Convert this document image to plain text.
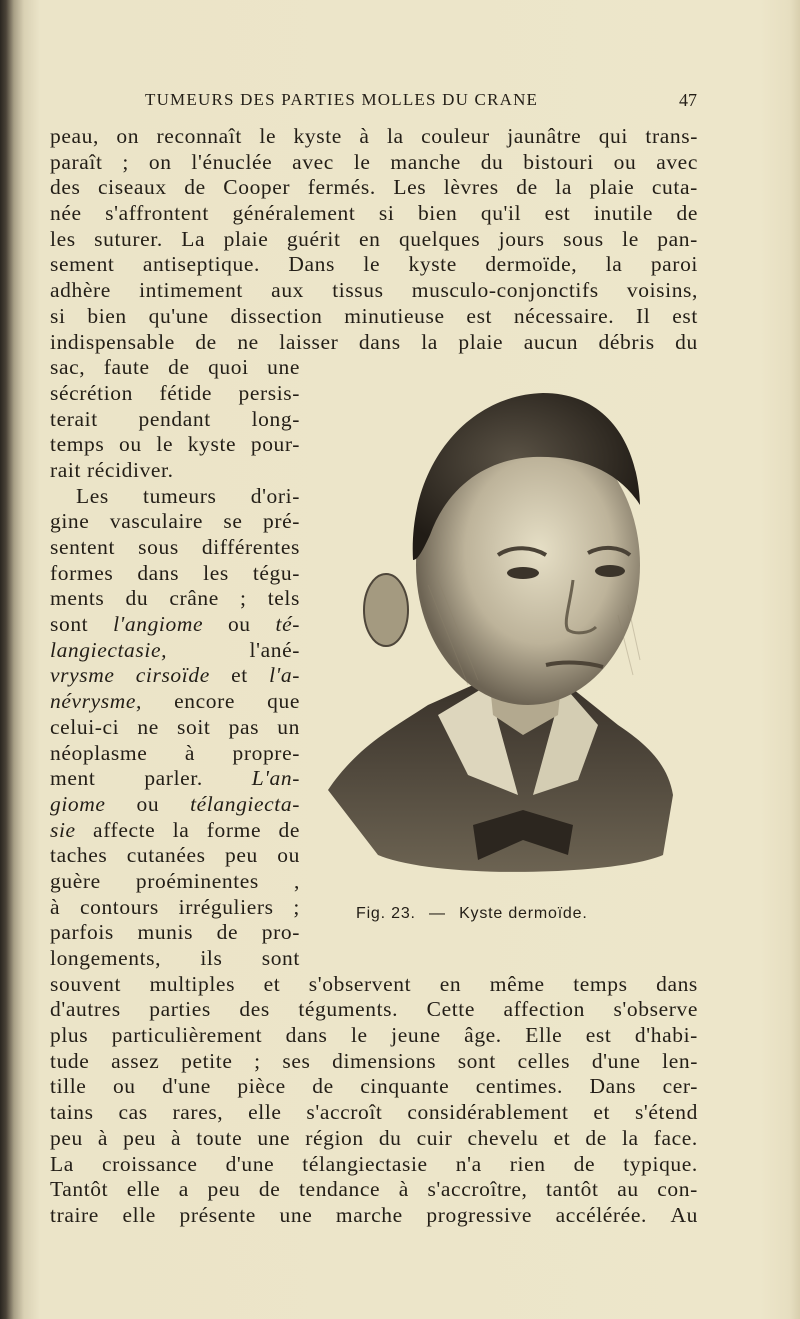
TUMEURS DES PARTIES MOLLES DU CRANE	47
peau, on reconnaît le kyste à la couleur jaunâtre qui trans-
paraît ; on l'énuclée avec le manche du bistouri ou avec
des ciseaux de Cooper fermés. Les lèvres de la plaie cuta-
née s'affrontent généralement si bien qu'il est inutile de
les suturer. La plaie guérit en quelques jours sous le pan-
sement antiseptique. Dans le kyste dermoïde, la paroi
adhère intimement aux tissus musculo-conjonctifs voisins,
si bien qu'une dissection minutieuse est nécessaire. Il est
indispensable de ne laisser dans la plaie aucun débris du
sac, faute de quoi une
sécrétion fétide persis-
terait pendant long-
temps ou le kyste pour-
rait récidiver.
Les tumeurs d'ori-
gine vasculaire se pré-
sentent sous différentes
formes dans les tégu-
ments du crâne ; tels
sont l'angiome ou té-
langiectasie,	l'ané-
vrysme cirsoïde et l'a-
névrysme, encore que
celui-ci ne soit pas un
néoplasme à propre-
ment parler. L'an-
giome ou télangiecta-
sie affecte la forme de
taches cutanées peu ou
guère proéminentes ,
à contours irréguliers ;
parfois munis de pro-
longements, ils sont
souvent multiples et s'observent en même temps dans
d'autres parties des téguments. Cette affection s'observe
plus particulièrement dans le jeune âge. Elle est d'habi-
tude assez petite ; ses dimensions sont celles d'une len-
tille ou d'une pièce de cinquante centimes. Dans cer-
tains cas rares, elle s'accroît considérablement et s'étend
peu à peu à toute une région du cuir chevelu et de la face.
La croissance d'une télangiectasie n'a rien de typique.
Tantôt elle a peu de tendance à s'accroître, tantôt au con-
traire elle présente une marche progressive accélérée. Au
Fig. 23. — Kyste dermoïde.
